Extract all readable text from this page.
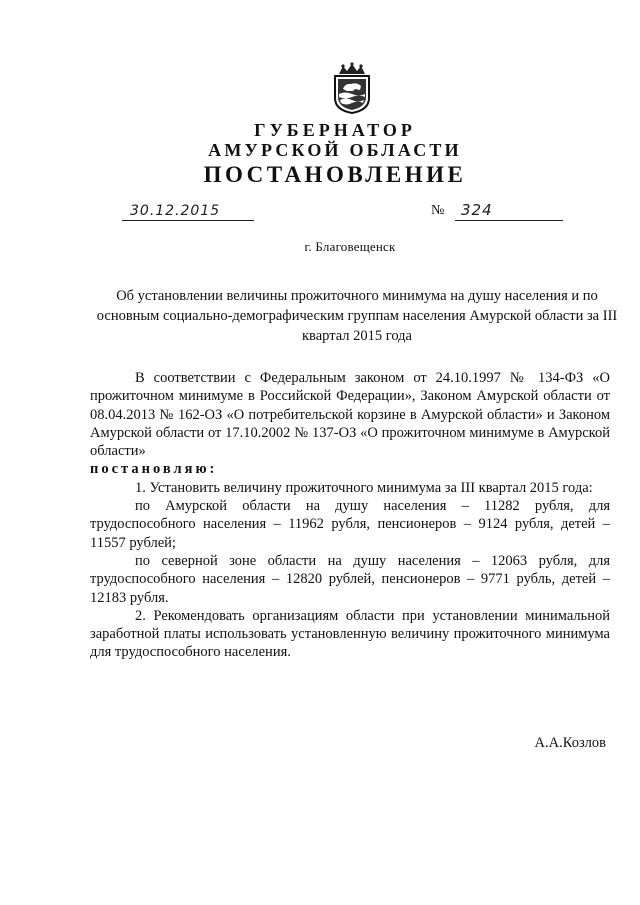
ГУБЕРНАТОР
АМУРСКОЙ ОБЛАСТИ
ПОСТАНОВЛЕНИЕ
30.12.2015	№ 324
г. Благовещенск
Об установлении величины прожиточного минимума на душу населения и по основным социально-демографическим группам населения Амурской области за III квартал 2015 года

В соответствии с Федеральным законом от 24.10.1997 № 134-ФЗ «О прожиточном минимуме в Российской Федерации», Законом Амурской области от 08.04.2013 № 162-ОЗ «О потребительской корзине в Амурской области» и Законом Амурской области от 17.10.2002 № 137-ОЗ «О прожиточном минимуме в Амурской области»

постановляю:

1. Установить величину прожиточного минимума за III квартал 2015 года:

по Амурской области на душу населения – 11282 рубля, для трудоспособного населения – 11962 рубля, пенсионеров – 9124 рубля, детей – 11557 рублей;

по северной зоне области на душу населения – 12063 рубля, для трудоспособного населения – 12820 рублей, пенсионеров – 9771 рубль, детей – 12183 рубля.

2. Рекомендовать организациям области при установлении минимальной заработной платы использовать установленную величину прожиточного минимума для трудоспособного населения.

А.А.Козлов
